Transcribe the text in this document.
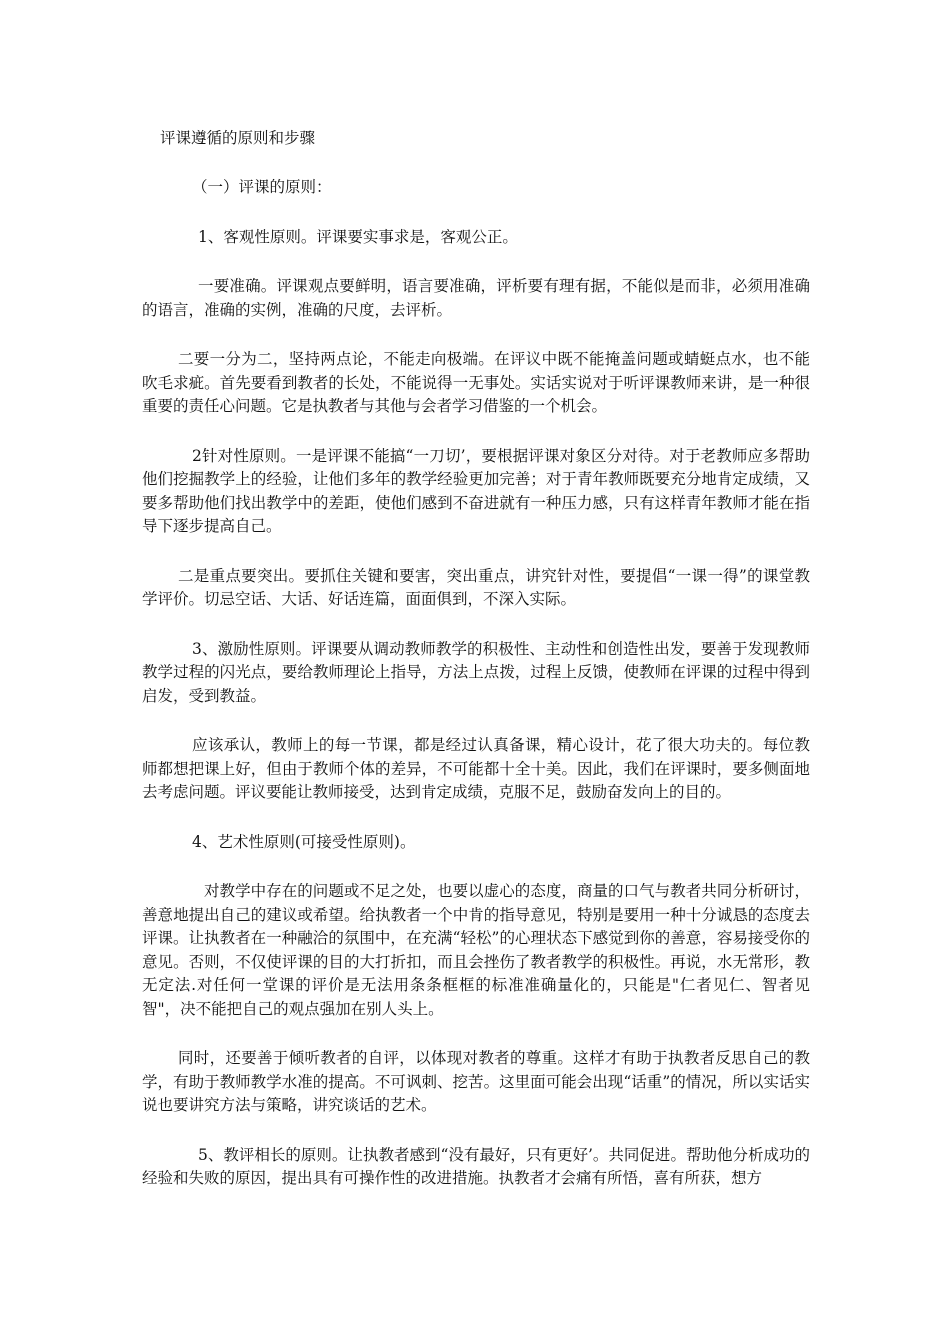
评课遵循的原则和步骤

（一）评课的原则：

1、客观性原则。评课要实事求是，客观公正。

一要准确。评课观点要鲜明，语言要准确，评析要有理有据，不能似是而非，必须用准确的语言，准确的实例，准确的尺度，去评析。

二要一分为二，坚持两点论，不能走向极端。在评议中既不能掩盖问题或蜻蜓点水，也不能吹毛求疵。首先要看到教者的长处，不能说得一无事处。实话实说对于听评课教师来讲，是一种很重要的责任心问题。它是执教者与其他与会者学习借鉴的一个机会。

2针对性原则。一是评课不能搞“一刀切’，要根据评课对象区分对待。对于老教师应多帮助他们挖掘教学上的经验，让他们多年的教学经验更加完善；对于青年教师既要充分地肯定成绩，又要多帮助他们找出教学中的差距，使他们感到不奋进就有一种压力感，只有这样青年教师才能在指导下逐步提高自己。

二是重点要突出。要抓住关键和要害，突出重点，讲究针对性，要提倡“一课一得”的课堂教学评价。切忌空话、大话、好话连篇，面面俱到，不深入实际。

3、激励性原则。评课要从调动教师教学的积极性、主动性和创造性出发，要善于发现教师教学过程的闪光点，要给教师理论上指导，方法上点拨，过程上反馈，使教师在评课的过程中得到启发，受到教益。

应该承认，教师上的每一节课，都是经过认真备课，精心设计，花了很大功夫的。每位教师都想把课上好，但由于教师个体的差异，不可能都十全十美。因此，我们在评课时，要多侧面地去考虑问题。评议要能让教师接受，达到肯定成绩，克服不足，鼓励奋发向上的目的。

4、艺术性原则(可接受性原则)。

对教学中存在的问题或不足之处，也要以虚心的态度，商量的口气与教者共同分析研讨，善意地提出自己的建议或希望。给执教者一个中肯的指导意见，特别是要用一种十分诚恳的态度去评课。让执教者在一种融洽的氛围中，在充满“轻松”的心理状态下感觉到你的善意，容易接受你的意见。否则，不仅使评课的目的大打折扣，而且会挫伤了教者教学的积极性。再说，水无常形，教无定法.对任何一堂课的评价是无法用条条框框的标准准确量化的，只能是"仁者见仁、智者见智"，决不能把自己的观点强加在别人头上。

同时，还要善于倾听教者的自评，以体现对教者的尊重。这样才有助于执教者反思自己的教学，有助于教师教学水准的提高。不可讽刺、挖苦。这里面可能会出现“话重”的情况，所以实话实说也要讲究方法与策略，讲究谈话的艺术。

5、教评相长的原则。让执教者感到“没有最好，只有更好’。共同促进。帮助他分析成功的经验和失败的原因，提出具有可操作性的改进措施。执教者才会痛有所悟，喜有所获，想方
